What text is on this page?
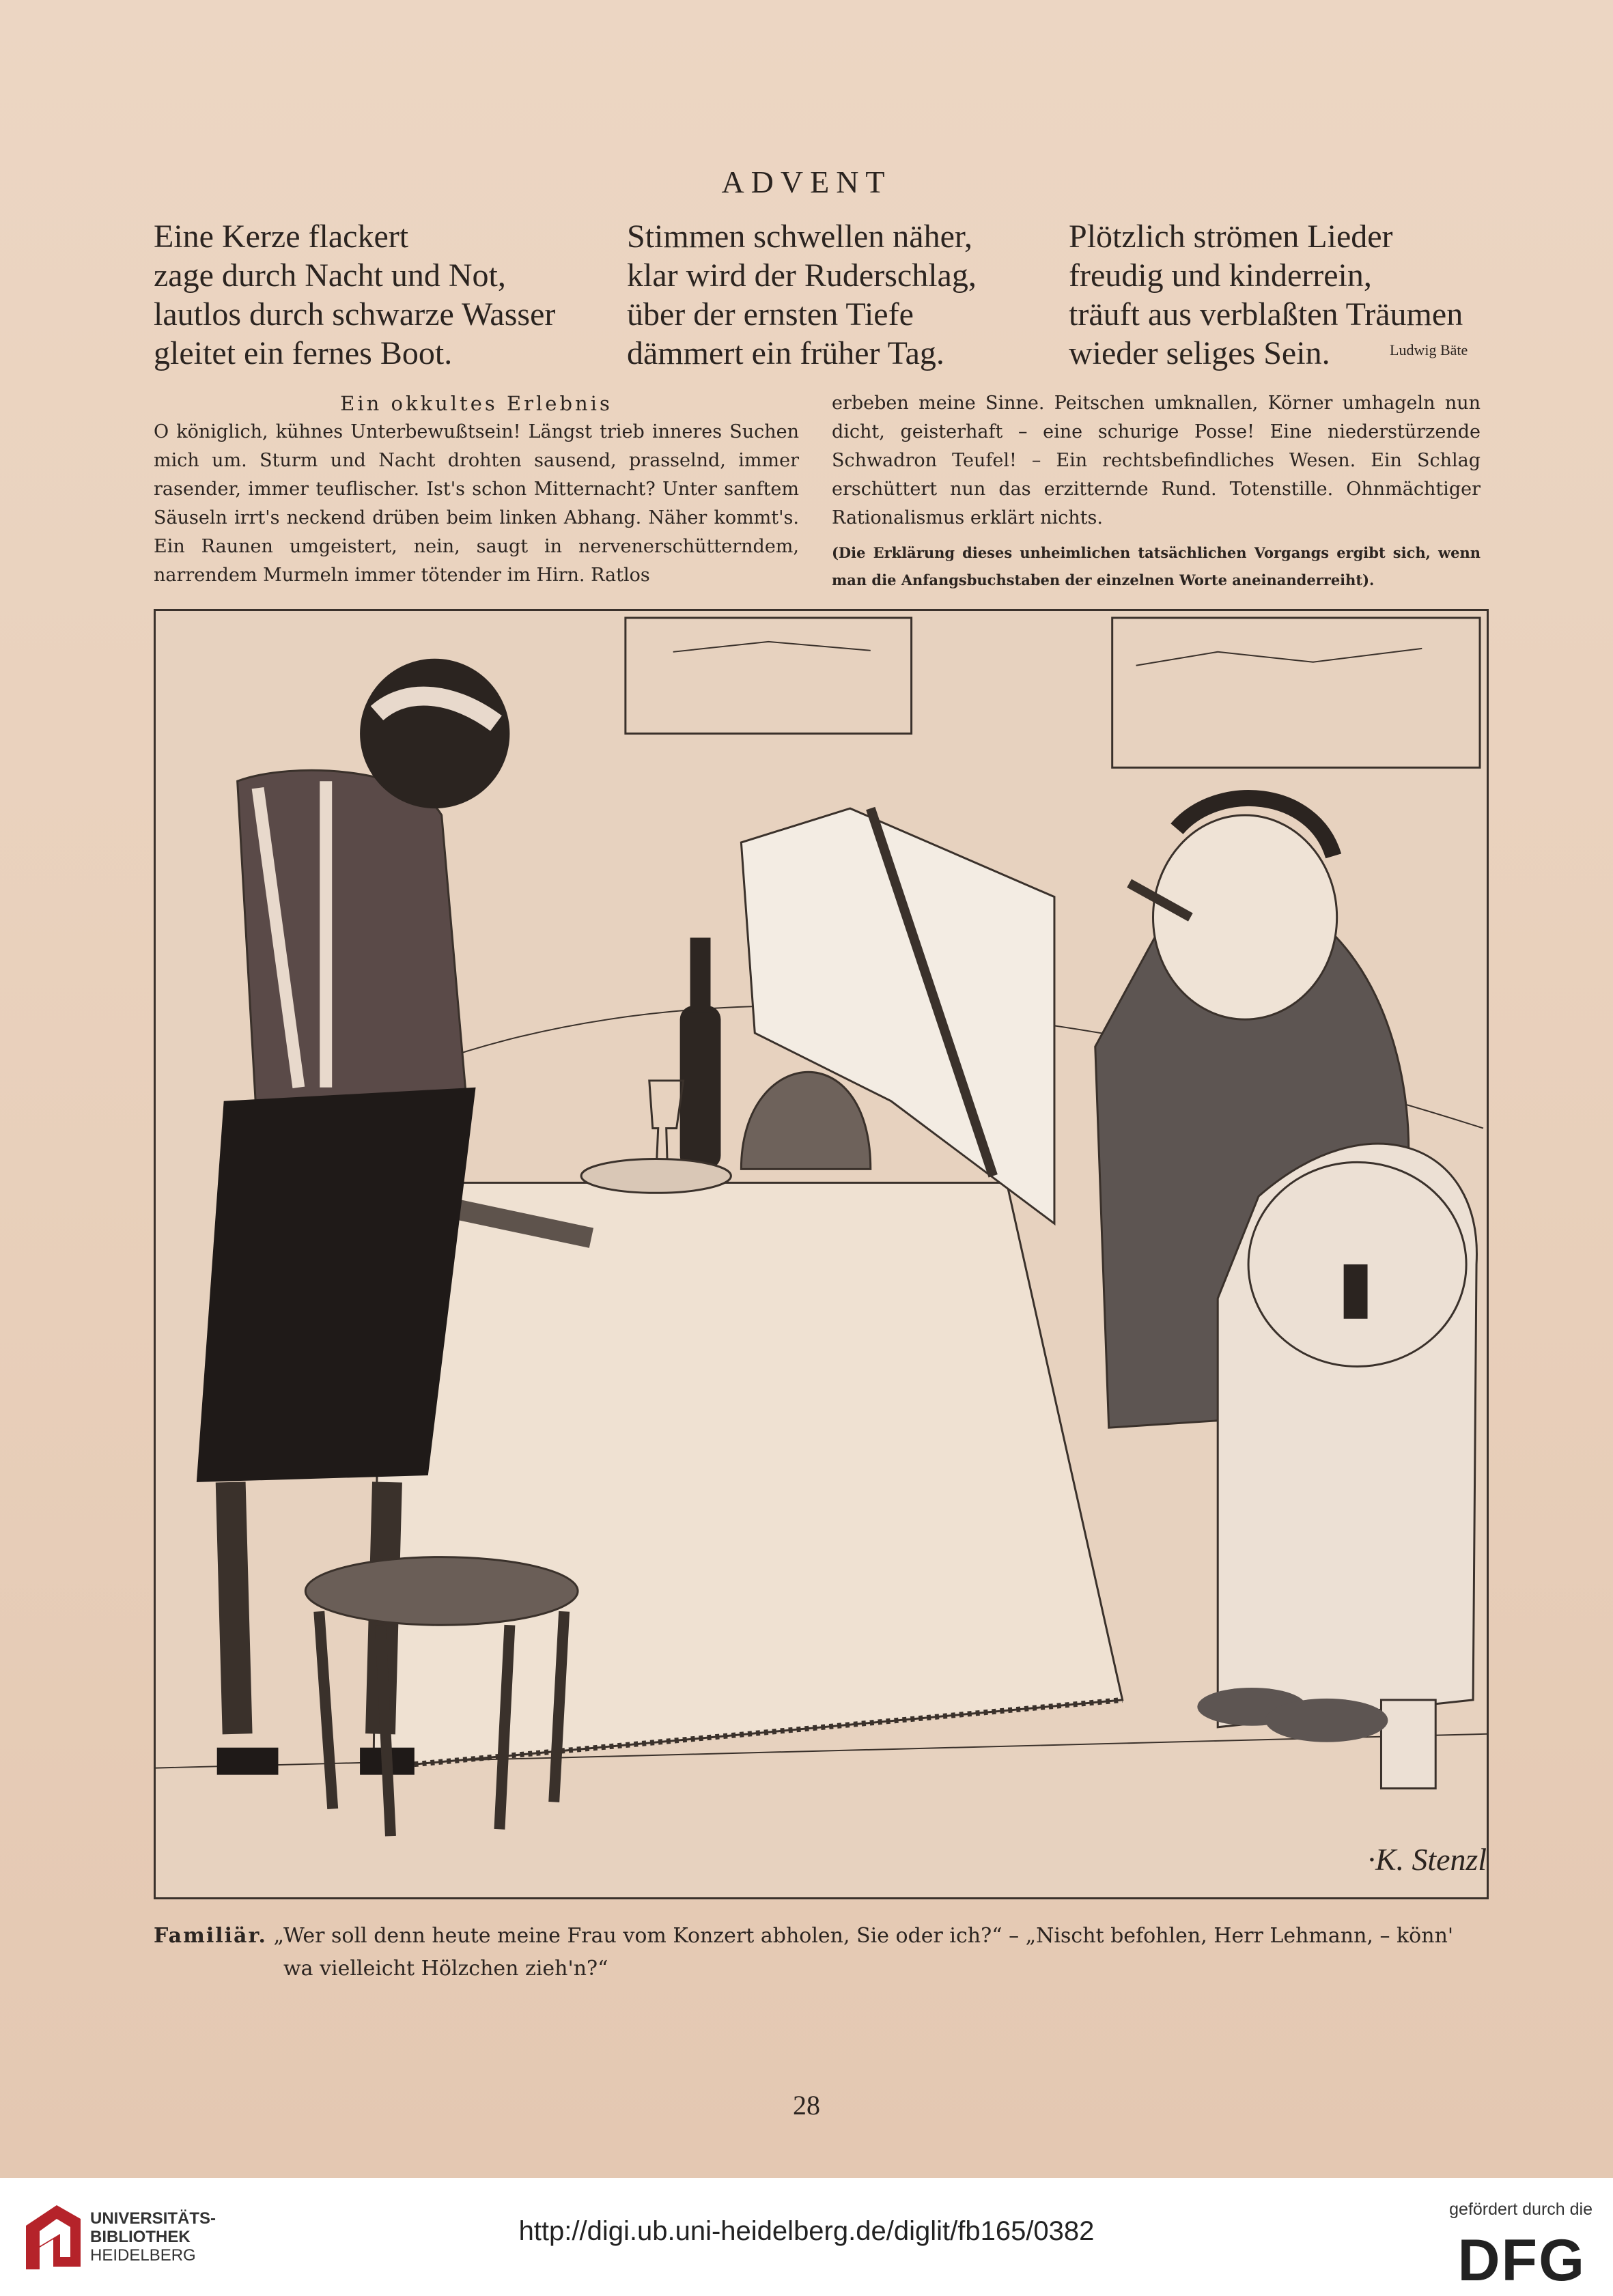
ADVENT
Eine Kerze flackert
zage durch Nacht und Not,
lautlos durch schwarze Wasser
gleitet ein fernes Boot.
Stimmen schwellen näher,
klar wird der Ruderschlag,
über der ernsten Tiefe
dämmert ein früher Tag.
Plötzlich strömen Lieder
freudig und kinderrein,
träuft aus verblaßten Träumen
wieder seliges Sein.	Ludwig Bäte
Ein okkultes Erlebnis

O königlich, kühnes Unterbewußtsein! Längst trieb inneres Suchen mich um. Sturm und Nacht drohten sausend, prasselnd, immer rasender, immer teuflischer. Ist's schon Mitternacht? Unter sanftem Säuseln irrt's neckend drüben beim linken Abhang. Näher kommt's. Ein Raunen umgeistert, nein, saugt in nervenerschütterndem, narrendem Murmeln immer tötender im Hirn. Ratlos

erbeben meine Sinne. Peitschen umknallen, Körner umhageln nun dicht, geisterhaft – eine schurige Posse! Eine niederstürzende Schwadron Teufel! – Ein rechtsbefindliches Wesen. Ein Schlag erschüttert nun das erzitternde Rund. Totenstille. Ohnmächtiger Rationalismus erklärt nichts.

(Die Erklärung dieses unheimlichen tatsächlichen Vorgangs ergibt sich, wenn man die Anfangsbuchstaben der einzelnen Worte aneinanderreiht).

·K. Stenzl
Familiär. „Wer soll denn heute meine Frau vom Konzert abholen, Sie oder ich?“ – „Nischt befohlen, Herr Lehmann, – könn'
wa vielleicht Hölzchen zieh'n?“
28
UNIVERSITÄTS-
BIBLIOTHEK
HEIDELBERG
http://digi.ub.uni-heidelberg.de/diglit/fb165/0382
gefördert durch die
DFG
